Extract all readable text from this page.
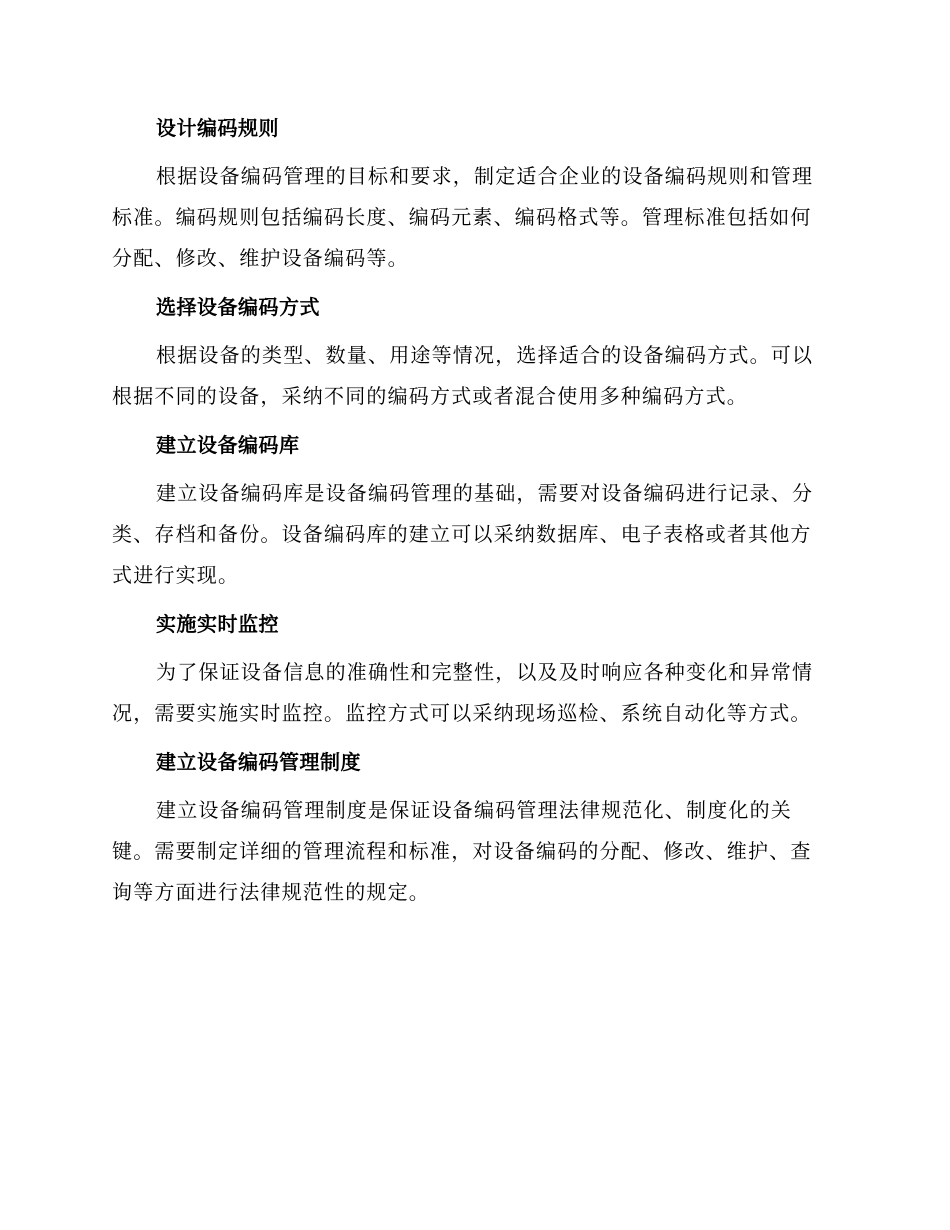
设计编码规则

根据设备编码管理的目标和要求，制定适合企业的设备编码规则和管理标准。编码规则包括编码长度、编码元素、编码格式等。管理标准包括如何分配、修改、维护设备编码等。

选择设备编码方式

根据设备的类型、数量、用途等情况，选择适合的设备编码方式。可以根据不同的设备，采纳不同的编码方式或者混合使用多种编码方式。

建立设备编码库

建立设备编码库是设备编码管理的基础，需要对设备编码进行记录、分类、存档和备份。设备编码库的建立可以采纳数据库、电子表格或者其他方式进行实现。

实施实时监控

为了保证设备信息的准确性和完整性，以及及时响应各种变化和异常情况，需要实施实时监控。监控方式可以采纳现场巡检、系统自动化等方式。

建立设备编码管理制度

建立设备编码管理制度是保证设备编码管理法律规范化、制度化的关键。需要制定详细的管理流程和标准，对设备编码的分配、修改、维护、查询等方面进行法律规范性的规定。
